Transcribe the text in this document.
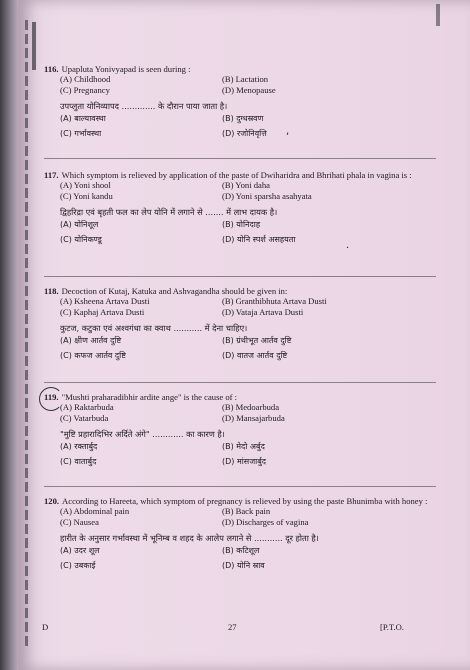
116. Upapluta Yonivyapad is seen during :
(A) Childhood	(B) Lactation
(C) Pregnancy	(D) Menopause
उपप्लुता योनिव्यापद ............. के दौरान पाया जाता है।
(A) बाल्यावस्था	(B) दुग्धस्रवण
(C) गर्भावस्था	(D) रजोनिवृत्ति
117. Which symptom is relieved by application of the paste of Dwiharidra and Bhrihati phala in vagina is :
(A) Yoni shool	(B) Yoni daha
(C) Yoni kandu	(D) Yoni sparsha asahyata
द्विहरिद्रा एवं बृहती फल का लेप योनि में लगाने से ....... में लाभ दायक है।
(A) योनिशूल	(B) योनिदाह
(C) योनिकण्डू	(D) योनि स्पर्श असहयता
118. Decoction of Kutaj, Katuka and Ashvagandha should be given in:
(A) Ksheena Artava Dusti	(B) Granthibhuta Artava Dusti
(C) Kaphaj Artava Dusti	(D) Vataja Artava Dusti
कुटज, कटुका एवं अश्वगंधा का क्वाथ ........... में देना चाहिए।
(A) क्षीण आर्तव दुष्टि	(B) ग्रंथीभूत आर्तव दुष्टि
(C) कफज आर्तव दुष्टि	(D) वातज आर्तव दुष्टि
119. "Mushti praharadibhir ardite ange" is the cause of :
(A) Raktarbuda	(B) Medoarbuda
(C) Vatarbuda	(D) Mansajarbuda
"मुष्टि प्रहारादिभिर अर्दिते अंगे" ............ का कारण है।
(A) रक्तार्बुद	(B) मेदो अर्बुद
(C) वातार्बुद	(D) मांसजार्बुद
120. According to Hareeta, which symptom of pregnancy is relieved by using the paste Bhunimba with honey :
(A) Abdominal pain	(B) Back pain
(C) Nausea	(D) Discharges of vagina
हारीत के अनुसार गर्भावस्था में भूनिम्ब व शहद के आलेप लगाने से ........... दूर होता है।
(A) उदर शूल	(B) कटिशूल
(C) उबकाई	(D) योनि स्राव
,
·
D	27	[P.T.O.
